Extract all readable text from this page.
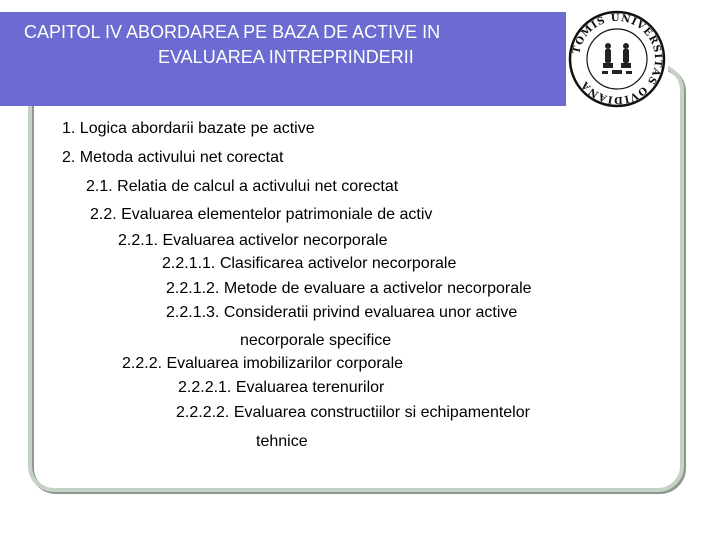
CAPITOL IV ABORDAREA PE BAZA DE ACTIVE IN
EVALUAREA INTREPRINDERII	TOMIS UNIVERSITAS OVIDIANA
1. Logica abordarii bazate pe active
2. Metoda activului net corectat
2.1. Relatia de calcul a activului net corectat
2.2. Evaluarea elementelor patrimoniale de activ
2.2.1. Evaluarea activelor necorporale
2.2.1.1. Clasificarea activelor necorporale
2.2.1.2. Metode de evaluare a activelor necorporale
2.2.1.3. Consideratii privind evaluarea unor active
necorporale specifice
2.2.2. Evaluarea imobilizarilor corporale
2.2.2.1. Evaluarea terenurilor
2.2.2.2. Evaluarea constructiilor si echipamentelor
tehnice
